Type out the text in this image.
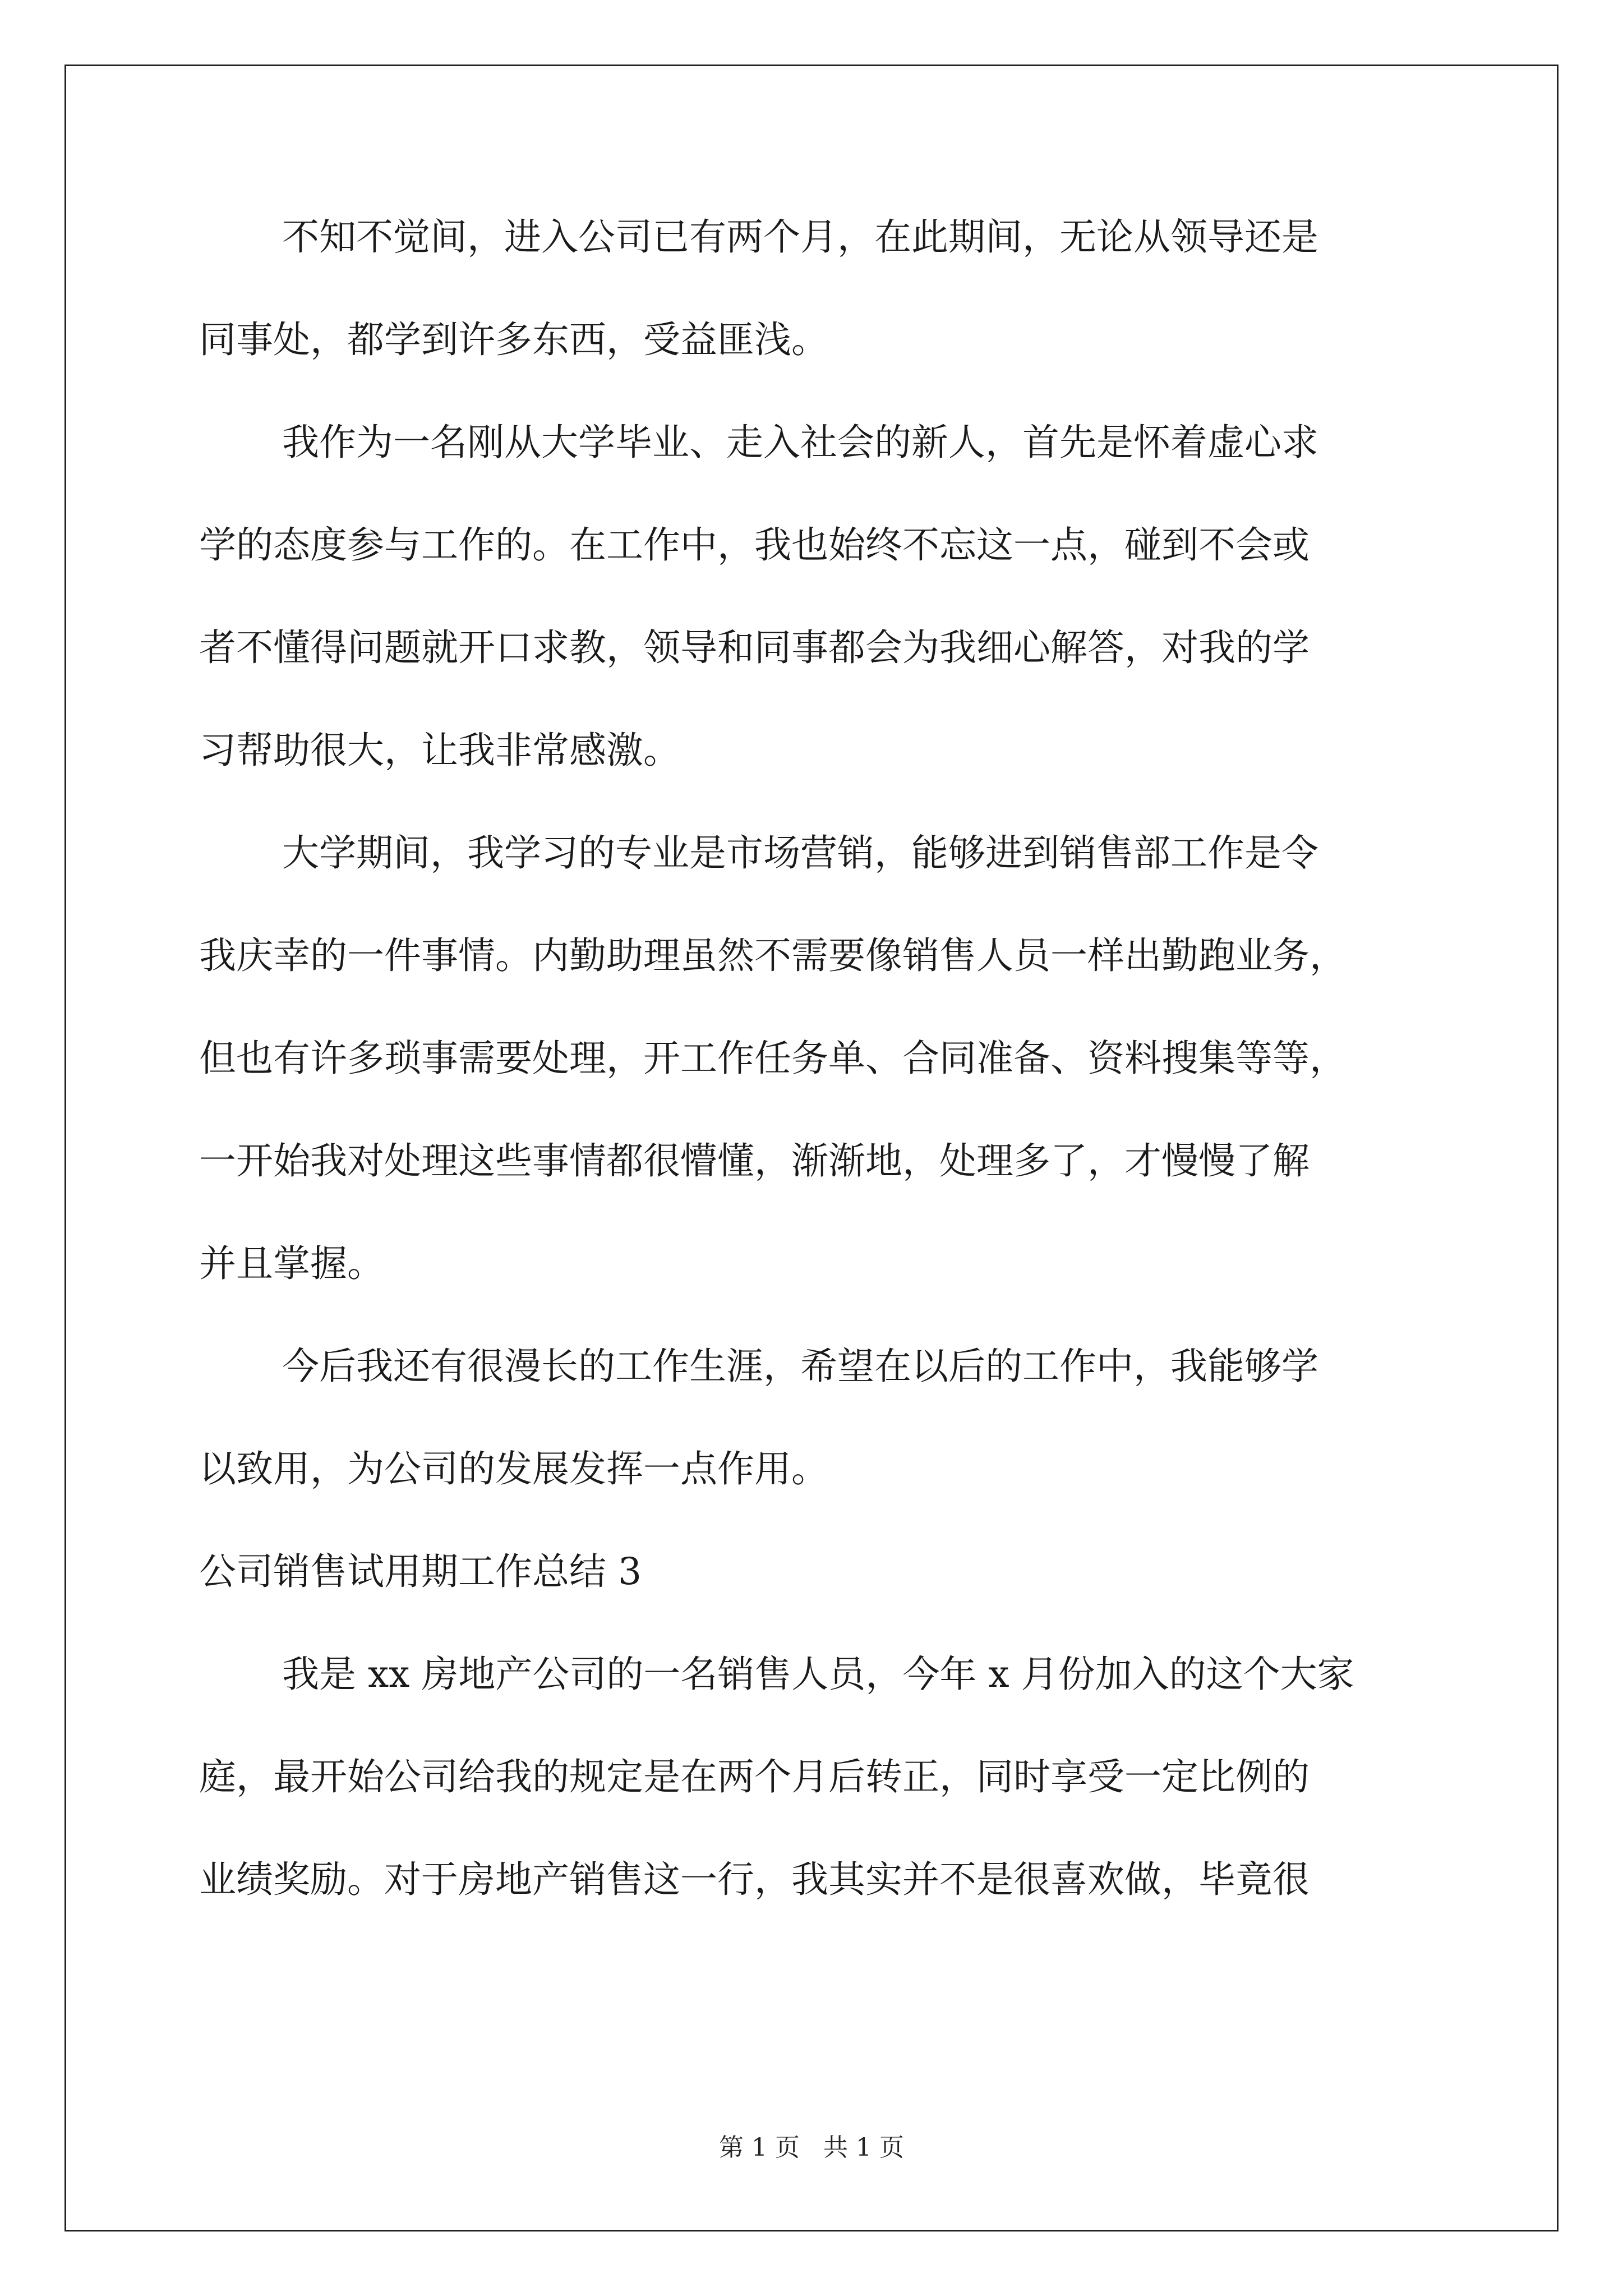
不知不觉间，进入公司已有两个月，在此期间，无论从领导还是
同事处，都学到许多东西，受益匪浅。
我作为一名刚从大学毕业、走入社会的新人，首先是怀着虚心求
学的态度参与工作的。在工作中，我也始终不忘这一点，碰到不会或
者不懂得问题就开口求教，领导和同事都会为我细心解答，对我的学
习帮助很大，让我非常感激。
大学期间，我学习的专业是市场营销，能够进到销售部工作是令
我庆幸的一件事情。内勤助理虽然不需要像销售人员一样出勤跑业务，
但也有许多琐事需要处理，开工作任务单、合同准备、资料搜集等等，
一开始我对处理这些事情都很懵懂，渐渐地，处理多了，才慢慢了解
并且掌握。
今后我还有很漫长的工作生涯，希望在以后的工作中，我能够学
以致用，为公司的发展发挥一点作用。
公司销售试用期工作总结 3
我是 xx 房地产公司的一名销售人员，今年 x 月份加入的这个大家
庭，最开始公司给我的规定是在两个月后转正，同时享受一定比例的
业绩奖励。对于房地产销售这一行，我其实并不是很喜欢做，毕竟很
第 1 页   共 1 页
